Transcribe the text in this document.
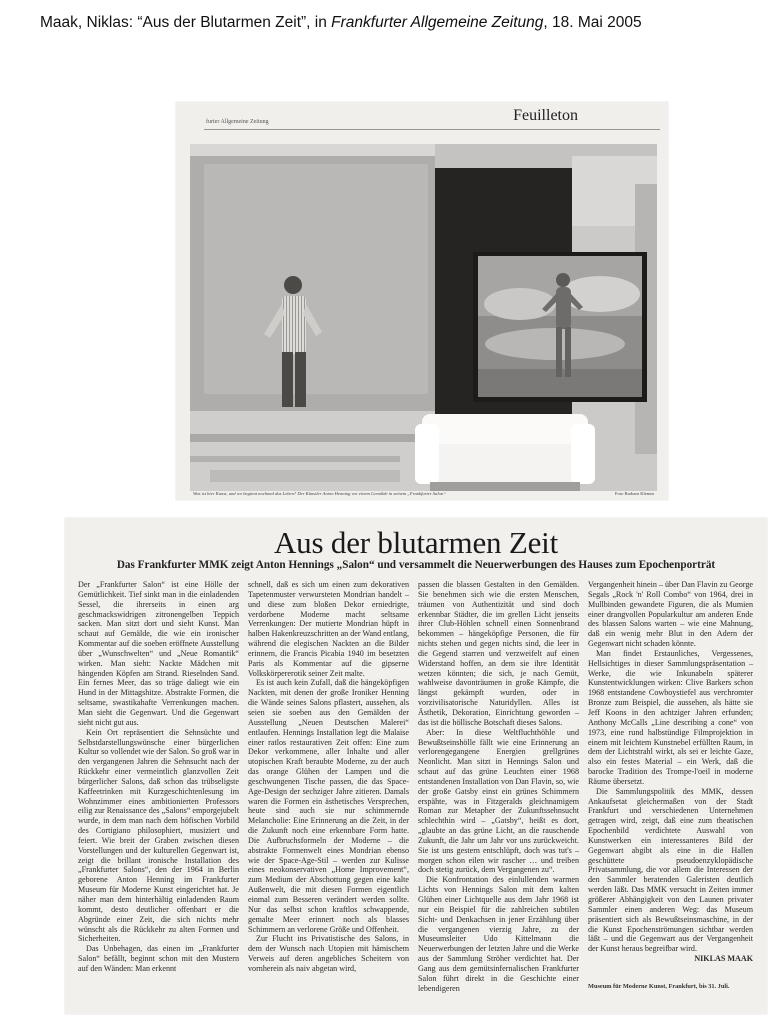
Maak, Niklas: “Aus der Blutarmen Zeit”, in Frankfurter Allgemeine Zeitung, 18. Mai 2005
furter Allgemeine Zeitung	Feuilleton
Was ist hier Kunst, und wo beginnt nochmal das Leben? Der Künstler Anton Henning vor einem Gemälde in seinem „Frankfurter Salon“	Foto Barbara Klemm
Aus der blutarmen Zeit
Das Frankfurter MMK zeigt Anton Hennings „Salon“ und versammelt die Neuerwerbungen des Hauses zum Epochenporträt

Der „Frankfurter Salon“ ist eine Hölle der Gemütlichkeit. Tief sinkt man in die einladenden Sessel, die ihrerseits in einen arg geschmackswidrigen zitronengelben Teppich sacken. Man sitzt dort und sieht Kunst. Man schaut auf Gemälde, die wie ein ironischer Kommentar auf die soeben eröffnete Ausstellung über „Wunschwelten“ und „Neue Romantik“ wirken. Man sieht: Nackte Mädchen mit hängenden Köpfen am Strand. Rieselnden Sand. Ein fernes Meer, das so träge daliegt wie ein Hund in der Mittagshitze. Abstrakte Formen, die seltsame, swastikahafte Verrenkungen machen. Man sieht die Gegenwart. Und die Gegenwart sieht nicht gut aus.

Kein Ort repräsentiert die Sehnsüchte und Selbstdarstellungswünsche einer bürgerlichen Kultur so vollendet wie der Salon. So groß war in den vergangenen Jahren die Sehnsucht nach der Rückkehr einer vermeintlich glanzvollen Zeit bürgerlicher Salons, daß schon das trübseligste Kaffeetrinken mit Kurzgeschichtenlesung im Wohnzimmer eines ambitionierten Professors eilig zur Renaissance des „Salons“ emporgejubelt wurde, in dem man nach dem höfischen Vorbild des Cortigiano philosophiert, musiziert und feiert. Wie breit der Graben zwischen diesen Vorstellungen und der kulturellen Gegenwart ist, zeigt die brillant ironische Installation des „Frankfurter Salons“, den der 1964 in Berlin geborene Anton Henning im Frankfurter Museum für Moderne Kunst eingerichtet hat. Je näher man dem hinterhältig einladenden Raum kommt, desto deutlicher offenbart er die Abgründe einer Zeit, die sich nichts mehr wünscht als die Rückkehr zu alten Formen und Sicherheiten.

Das Unbehagen, das einen im „Frankfurter Salon“ befällt, beginnt schon mit den Mustern auf den Wänden: Man erkennt

schnell, daß es sich um einen zum dekorativen Tapetenmuster verwursteten Mondrian handelt – und diese zum bloßen Dekor erniedrigte, verdorbene Moderne macht seltsame Verrenkungen: Der mutierte Mondrian hüpft in halben Hakenkreuzschritten an der Wand entlang, während die elegischen Nackten an die Bilder erinnern, die Francis Picabia 1940 im besetzten Paris als Kommentar auf die gipserne Volkskörpererotik seiner Zeit malte.

Es ist auch kein Zufall, daß die hängeköpfigen Nackten, mit denen der große Ironiker Henning die Wände seines Salons pflastert, aussehen, als seien sie soeben aus den Gemälden der Ausstellung „Neuen Deutschen Malerei“ entlaufen. Hennings Installation legt die Malaise einer ratlos restaurativen Zeit offen: Eine zum Dekor verkommene, aller Inhalte und aller utopischen Kraft beraubte Moderne, zu der auch das orange Glühen der Lampen und die geschwungenen Tische passen, die das Space-Age-Design der sechziger Jahre zitieren. Damals waren die Formen ein ästhetisches Versprechen, heute sind auch sie nur schimmernde Melancholie: Eine Erinnerung an die Zeit, in der die Zukunft noch eine erkennbare Form hatte. Die Aufbruchsformeln der Moderne – die abstrakte Formenwelt eines Mondrian ebenso wie der Space-Age-Stil – werden zur Kulisse eines neokonservativen „Home Improvement“, zum Medium der Abschottung gegen eine kalte Außenwelt, die mit diesen Formen eigentlich einmal zum Besseren verändert werden sollte. Nur das selbst schon kraftlos schwappende, gemalte Meer erinnert noch als blasses Schimmern an verlorene Größe und Offenheit.

Zur Flucht ins Privatistische des Salons, in dem der Wunsch nach Utopien mit hämischem Verweis auf deren angebliches Scheitern von vornherein als naiv abgetan wird,

passen die blassen Gestalten in den Gemälden. Sie benehmen sich wie die ersten Menschen, träumen von Authentizität und sind doch erkennbar Städter, die im grellen Licht jenseits ihrer Club-Höhlen schnell einen Sonnenbrand bekommen – hängeköpfige Personen, die für nichts stehen und gegen nichts sind, die leer in die Gegend starren und verzweifelt auf einen Widerstand hoffen, an dem sie ihre Identität wetzen könnten; die sich, je nach Gemüt, wahlweise davonträumen in große Kämpfe, die längst gekämpft wurden, oder in vorzivilisatorische Naturidyllen. Alles ist Ästhetik, Dekoration, Einrichtung geworden – das ist die höllische Botschaft dieses Salons.

Aber: In diese Weltfluchthöhle und Bewußtseinshölle fällt wie eine Erinnerung an verlorengegangene Energien grellgrünes Neonlicht. Man sitzt in Hennings Salon und schaut auf das grüne Leuchten einer 1968 entstandenen Installation von Dan Flavin, so, wie der große Gatsby einst ein grünes Schimmern erspähte, was in Fitzgeralds gleichnamigem Roman zur Metapher der Zukunftssehnsucht schlechthin wird – „Gatsby“, heißt es dort, „glaubte an das grüne Licht, an die rauschende Zukunft, die Jahr um Jahr vor uns zurückweicht. Sie ist uns gestern entschlüpft, doch was tut's – morgen schon eilen wir rascher … und treiben doch stetig zurück, dem Vergangenen zu“.

Die Konfrontation des einlullenden warmen Lichts von Hennings Salon mit dem kalten Glühen einer Lichtquelle aus dem Jahr 1968 ist nur ein Beispiel für die zahlreichen subtilen Sicht- und Denkachsen in jener Erzählung über die vergangenen vierzig Jahre, zu der Museumsleiter Udo Kittelmann die Neuerwerbungen der letzten Jahre und die Werke aus der Sammlung Ströher verdichtet hat. Der Gang aus dem gemütsinfernalischen Frankfurter Salon führt direkt in die Geschichte einer lebendigeren

Vergangenheit hinein – über Dan Flavin zu George Segals „Rock 'n' Roll Combo“ von 1964, drei in Mullbinden gewandete Figuren, die als Mumien einer drangvollen Popularkultur am anderen Ende des blassen Salons warten – wie eine Mahnung, daß ein wenig mehr Blut in den Adern der Gegenwart nicht schaden könnte.

Man findet Erstaunliches, Vergessenes, Hellsichtiges in dieser Sammlungspräsentation – Werke, die wie Inkunabeln späterer Kunstentwicklungen wirken: Clive Barkers schon 1968 entstandene Cowboystiefel aus verchromter Bronze zum Beispiel, die aussehen, als hätte sie Jeff Koons in den achtziger Jahren erfunden; Anthony McCalls „Line describing a cone“ von 1973, eine rund halbstündige Filmprojektion in einem mit leichtem Kunstnebel erfüllten Raum, in dem der Lichtstrahl wirkt, als sei er leichte Gaze, also ein festes Material – ein Werk, daß die barocke Tradition des Trompe-l'oeil in moderne Räume übersetzt.

Die Sammlungspolitik des MMK, dessen Ankaufsetat gleichermaßen von der Stadt Frankfurt und verschiedenen Unternehmen getragen wird, zeigt, daß eine zum theatischen Epochenbild verdichtete Auswahl von Kunstwerken ein interessanteres Bild der Gegenwart abgibt als eine in die Hallen geschüttete pseudoenzyklopädische Privatsammlung, die vor allem die Interessen der den Sammler beratenden Galeristen deutlich werden läßt. Das MMK versucht in Zeiten immer größerer Abhängigkeit von den Launen privater Sammler einen anderen Weg: das Museum präsentiert sich als Bewußtseinsmaschine, in der die Kunst Epochenströmungen sichtbar werden läßt – und die Gegenwart aus der Vergangenheit der Kunst heraus begreifbar wird.

NIKLAS MAAK

Museum für Moderne Kunst, Frankfurt, bis 31. Juli.
